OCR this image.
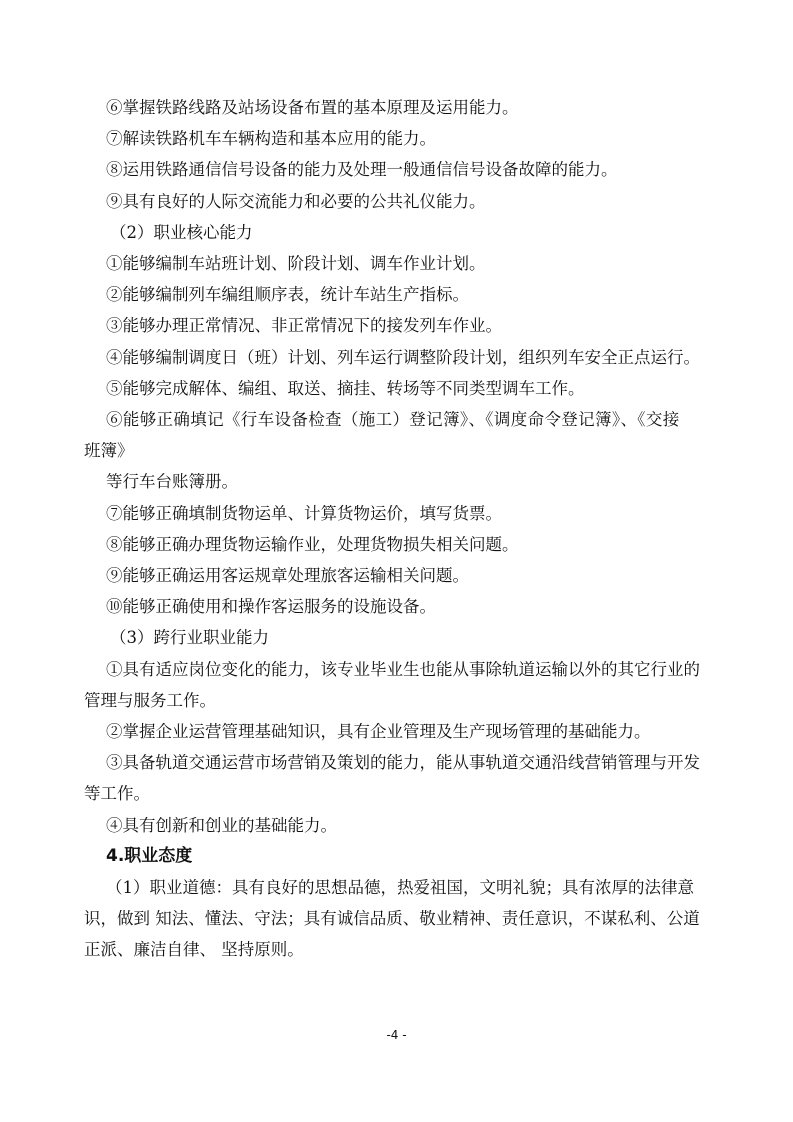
⑥掌握铁路线路及站场设备布置的基本原理及运用能力。

⑦解读铁路机车车辆构造和基本应用的能力。

⑧运用铁路通信信号设备的能力及处理一般通信信号设备故障的能力。

⑨具有良好的人际交流能力和必要的公共礼仪能力。

（2）职业核心能力

①能够编制车站班计划、阶段计划、调车作业计划。

②能够编制列车编组顺序表，统计车站生产指标。

③能够办理正常情况、非正常情况下的接发列车作业。

④能够编制调度日（班）计划、列车运行调整阶段计划，组织列车安全正点运行。

⑤能够完成解体、编组、取送、摘挂、转场等不同类型调车工作。

⑥能够正确填记《行车设备检查（施工）登记簿》、《调度命令登记簿》、《交接

班簿》

等行车台账簿册。

⑦能够正确填制货物运单、计算货物运价，填写货票。

⑧能够正确办理货物运输作业，处理货物损失相关问题。

⑨能够正确运用客运规章处理旅客运输相关问题。

⑩能够正确使用和操作客运服务的设施设备。

（3）跨行业职业能力

①具有适应岗位变化的能力，该专业毕业生也能从事除轨道运输以外的其它行业的

管理与服务工作。

②掌握企业运营管理基础知识，具有企业管理及生产现场管理的基础能力。

③具备轨道交通运营市场营销及策划的能力，能从事轨道交通沿线营销管理与开发

等工作。

④具有创新和创业的基础能力。

4.职业态度

（1）职业道德：具有良好的思想品德，热爱祖国，文明礼貌；具有浓厚的法律意

识，做到 知法、懂法、守法；具有诚信品质、敬业精神、责任意识，不谋私利、公道

正派、廉洁自律、 坚持原则。

-4 -
